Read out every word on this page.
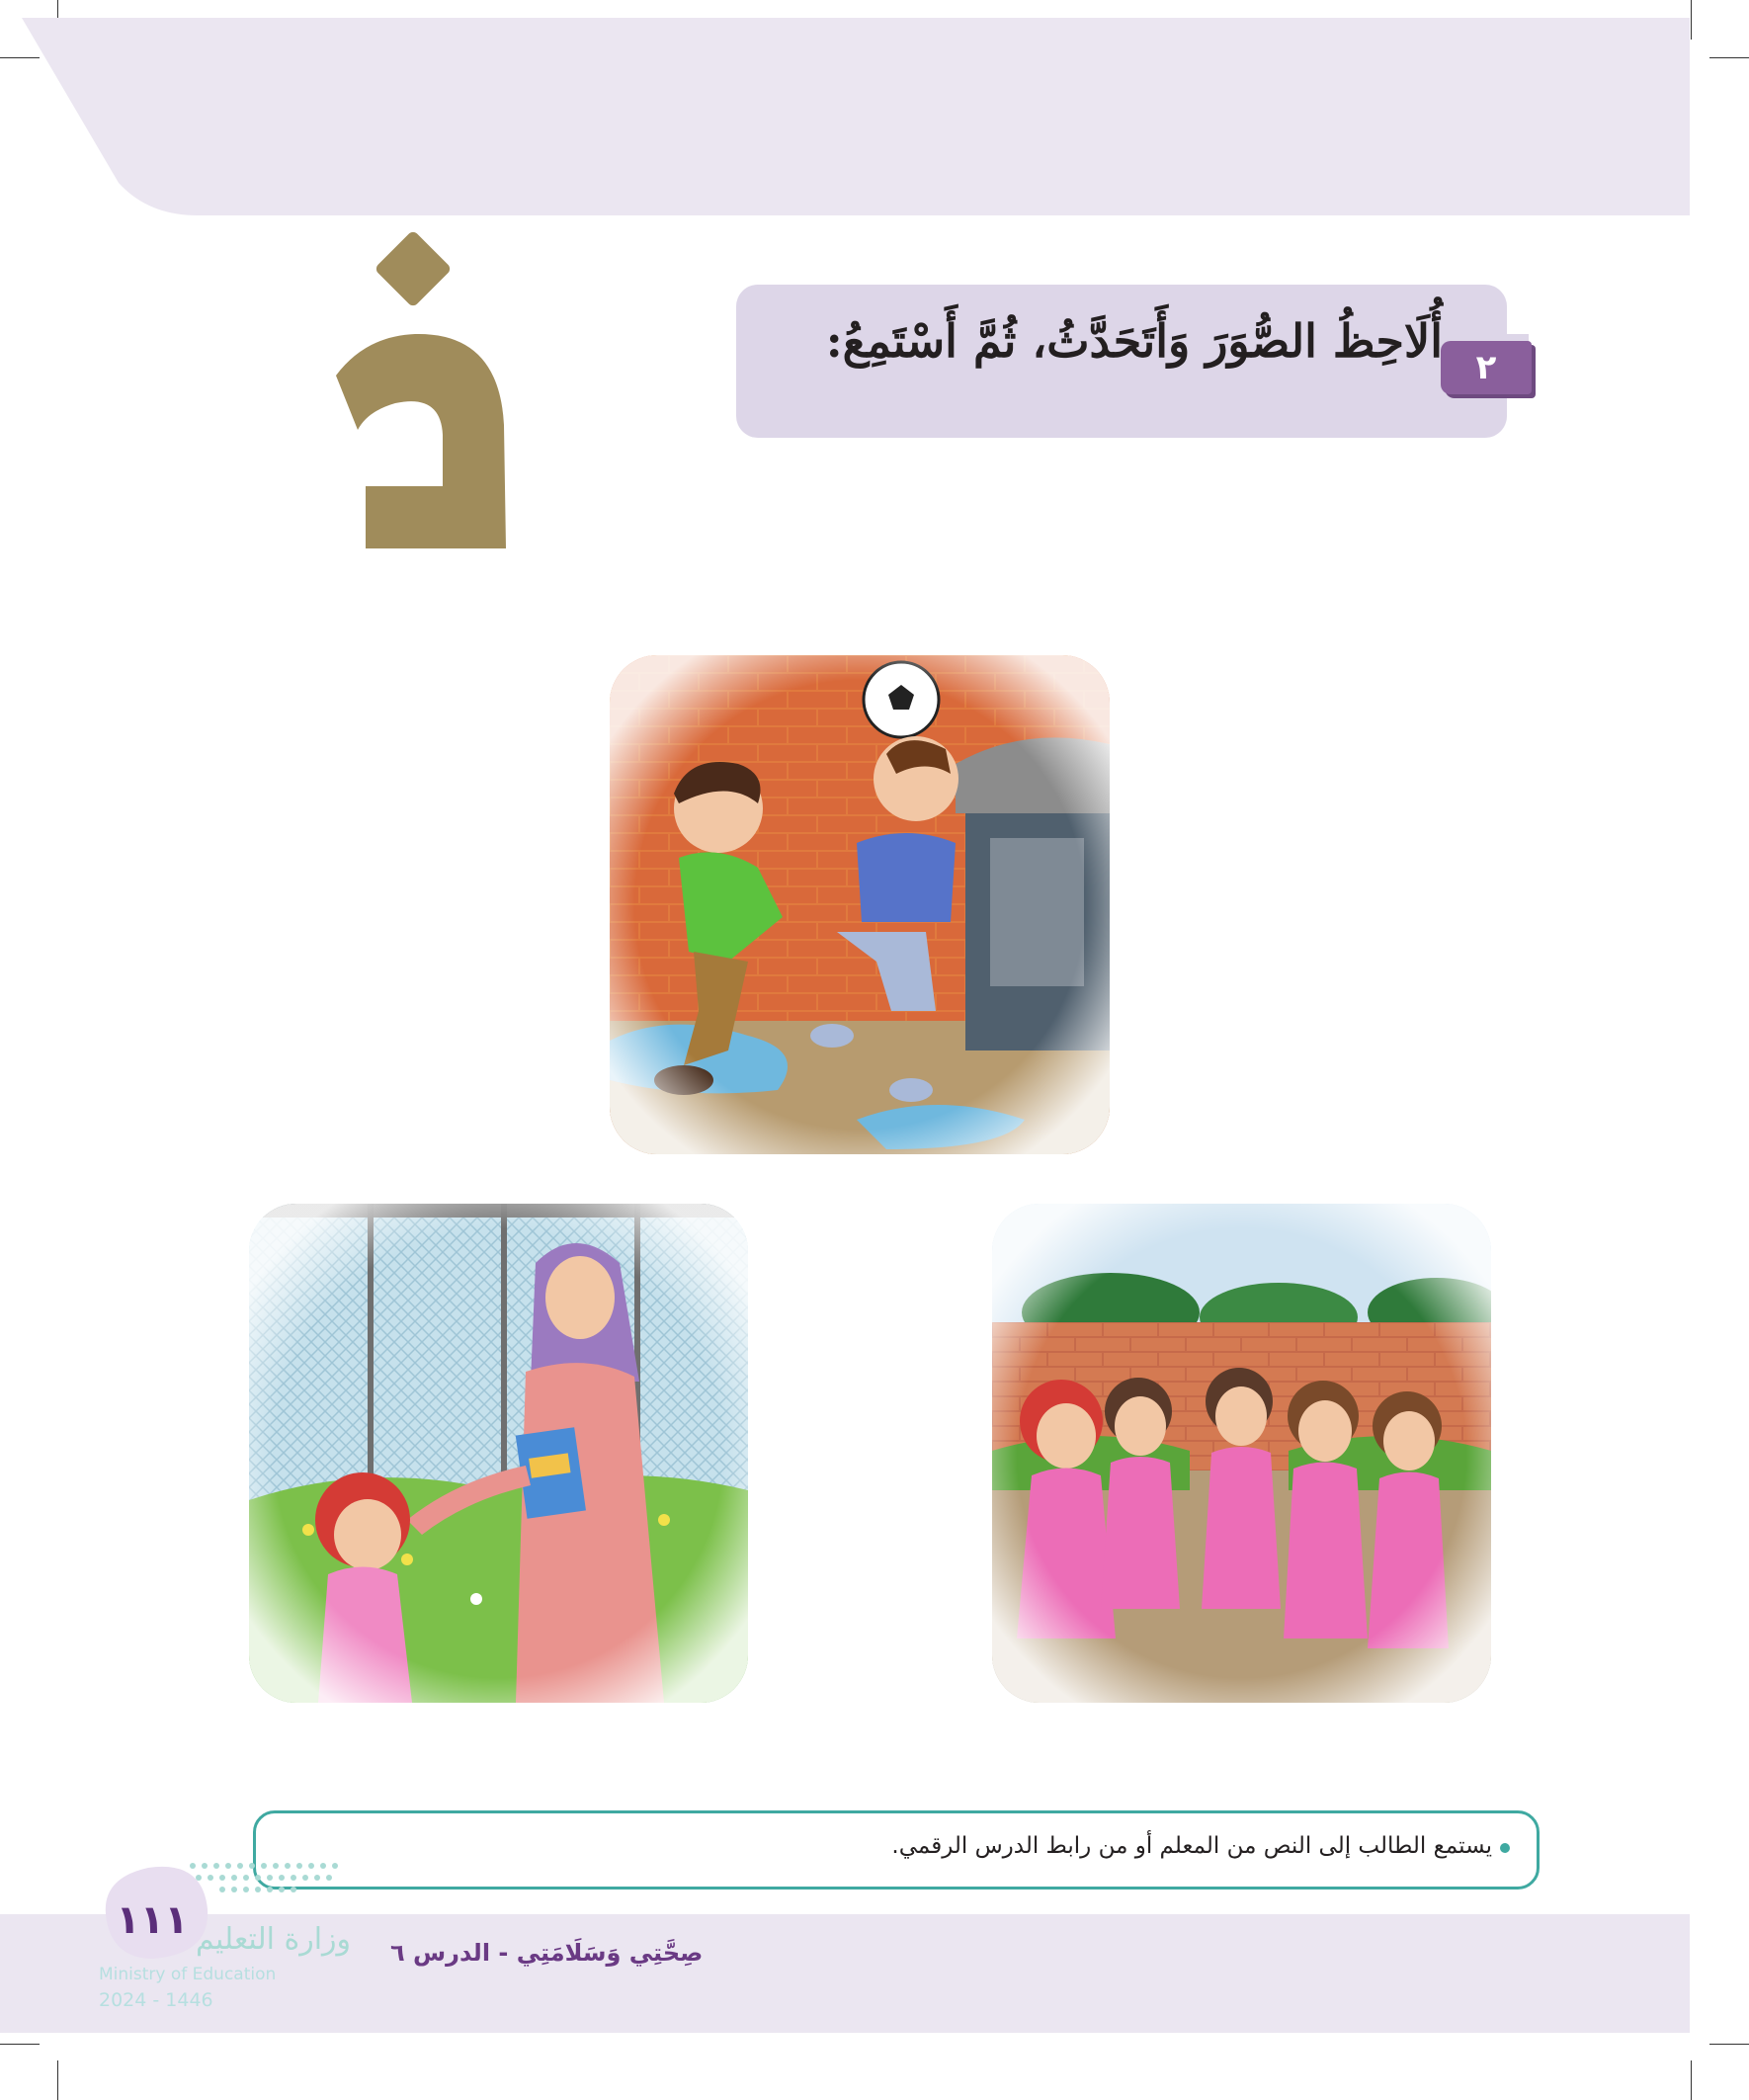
٢
أُلَاحِظُ الصُّوَرَ وَأَتَحَدَّثُ، ثُمَّ أَسْتَمِعُ:
يستمع الطالب إلى النص من المعلم أو من رابط الدرس الرقمي.
١١١ وزارة التعليم
Ministry of Education
2024 - 1446
صِحَّتِي وَسَلَامَتِي - الدرس ٦
